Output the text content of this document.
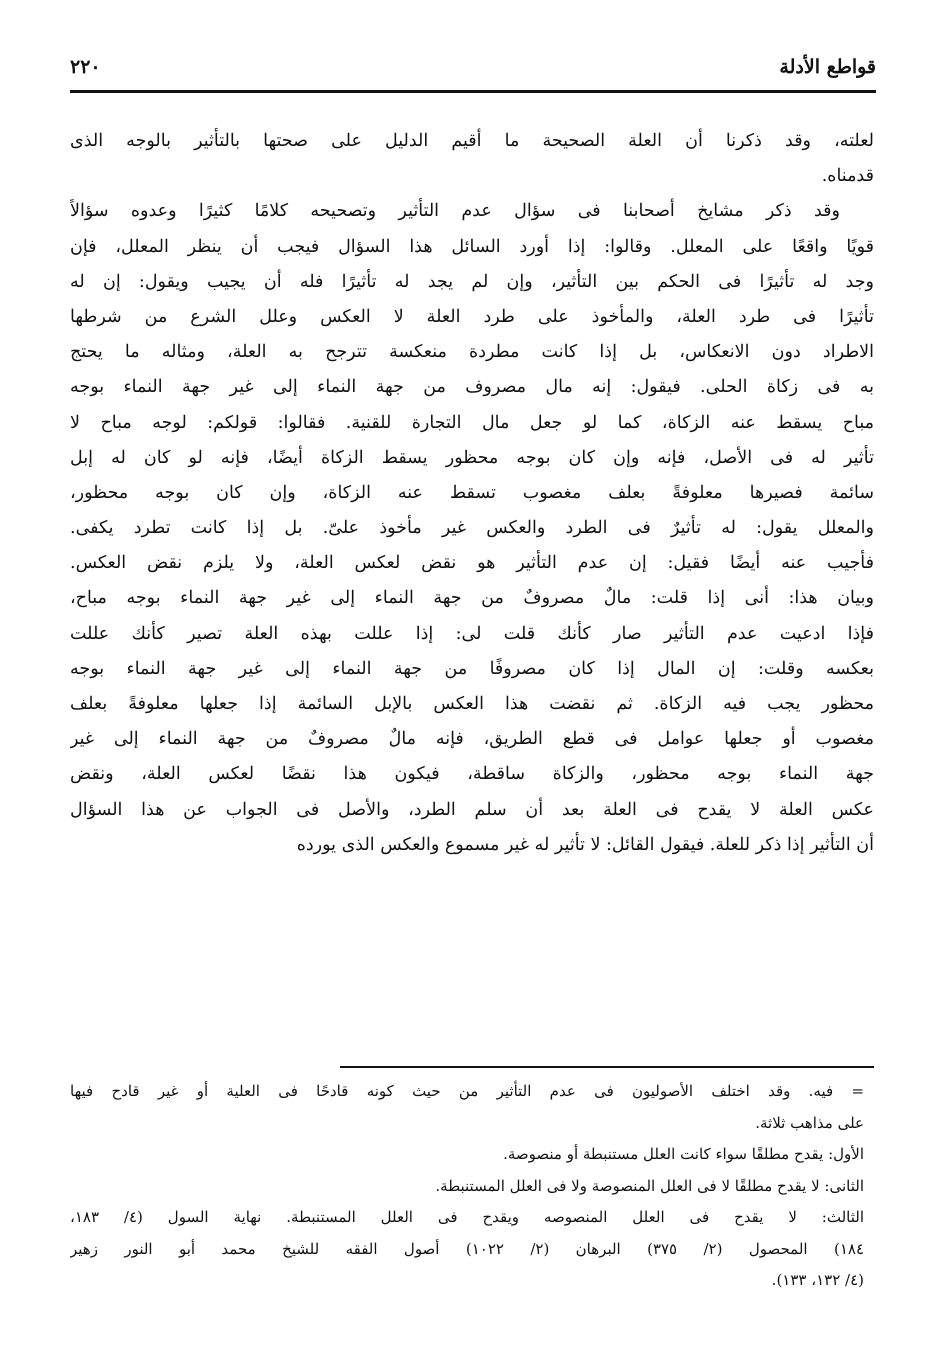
قواطع الأدلة
٢٢٠
لعلته، وقد ذكرنا أن العلة الصحيحة ما أقيم الدليل على صحتها بالتأثير بالوجه الذى
قدمناه.
وقد ذكر مشايخ أصحابنا فى سؤال عدم التأثير وتصحيحه كلامًا كثيرًا وعدوه سؤالاً
قويًا واقعًا على المعلل. وقالوا: إذا أورد السائل هذا السؤال فيجب أن ينظر المعلل، فإن
وجد له تأثيرًا فى الحكم بين التأثير، وإن لم يجد له تأثيرًا فله أن يجيب ويقول: إن له
تأثيرًا فى طرد العلة، والمأخوذ على طرد العلة لا العكس وعلل الشرع من شرطها
الاطراد دون الانعكاس، بل إذا كانت مطردة منعكسة تترجح به العلة، ومثاله ما يحتج
به فى زكاة الحلى. فيقول: إنه مال مصروف من جهة النماء إلى غير جهة النماء بوجه
مباح يسقط عنه الزكاة، كما لو جعل مال التجارة للقنية. فقالوا: قولكم: لوجه مباح لا
تأثير له فى الأصل، فإنه وإن كان بوجه محظور يسقط الزكاة أيضًا، فإنه لو كان له إبل
سائمة فصيرها معلوفةً بعلف مغصوب تسقط عنه الزكاة، وإن كان بوجه محظور،
والمعلل يقول: له تأثيرٌ فى الطرد والعكس غير مأخوذ علىّ. بل إذا كانت تطرد يكفى.
فأجيب عنه أيضًا فقيل: إن عدم التأثير هو نقض لعكس العلة، ولا يلزم نقض العكس.
وبيان هذا: أنى إذا قلت: مالٌ مصروفٌ من جهة النماء إلى غير جهة النماء بوجه مباح،
فإذا ادعيت عدم التأثير صار كأنك قلت لى: إذا عللت بهذه العلة تصير كأنك عللت
بعكسه وقلت: إن المال إذا كان مصروفًا من جهة النماء إلى غير جهة النماء بوجه
محظور يجب فيه الزكاة. ثم نقضت هذا العكس بالإبل السائمة إذا جعلها معلوفةً بعلف
مغصوب أو جعلها عوامل فى قطع الطريق، فإنه مالٌ مصروفٌ من جهة النماء إلى غير
جهة النماء بوجه محظور، والزكاة ساقطة، فيكون هذا نقضًا لعكس العلة، ونقض
عكس العلة لا يقدح فى العلة بعد أن سلم الطرد، والأصل فى الجواب عن هذا السؤال
أن التأثير إذا ذكر للعلة. فيقول القائل: لا تأثير له غير مسموع والعكس الذى يورده
= فيه. وقد اختلف الأصوليون فى عدم التأثير من حيث كونه قادحًا فى العلية أو غير قادح فيها
على مذاهب ثلاثة.
الأول: يقدح مطلقًا سواء كانت العلل مستنبطة أو منصوصة.
الثانى: لا يقدح مطلقًا لا فى العلل المنصوصة ولا فى العلل المستنبطة.
الثالث: لا يقدح فى العلل المنصوصه ويقدح فى العلل المستنبطة. نهاية السول (٤/ ١٨٣،
١٨٤) المحصول (٢/ ٣٧٥) البرهان (٢/ ١٠٢٢) أصول الفقه للشيخ محمد أبو النور زهير
(٤/ ١٣٢، ١٣٣).
